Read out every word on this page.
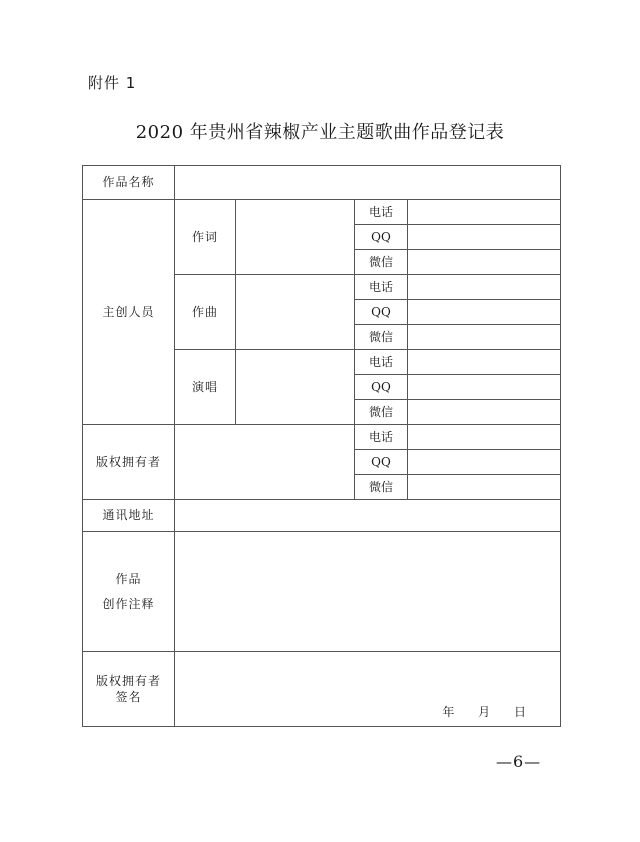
附件 1
2020 年贵州省辣椒产业主题歌曲作品登记表
作品名称				
主创人员	作词		电话	
			QQ	
			微信	
	作曲		电话	
			QQ	
			微信	
	演唱		电话	
			QQ	
			微信	
版权拥有者			电话	
			QQ	
			微信	
通讯地址				

作品
创作注释				

版权拥有者
签名	年 月 日			
—6—
